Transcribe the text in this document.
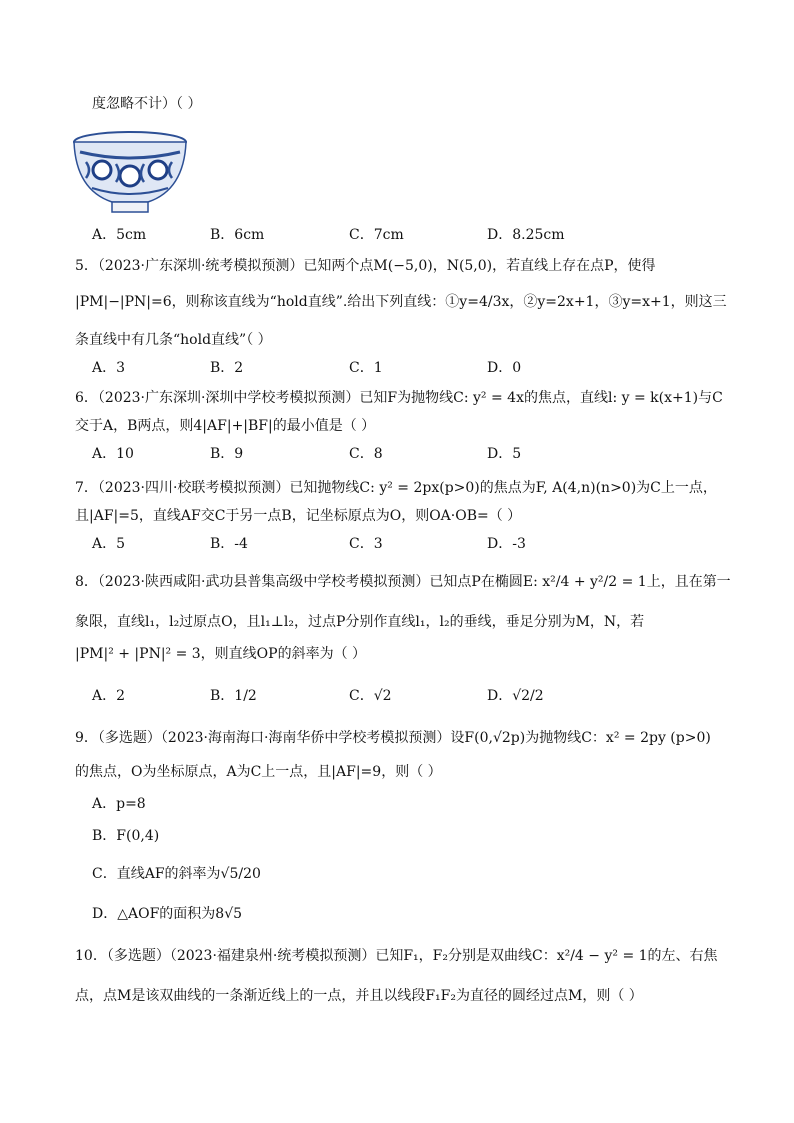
度忽略不计）（ ）
A．5cm	B．6cm	C．7cm	D．8.25cm
5．（2023·广东深圳·统考模拟预测）已知两个点M(−5,0)，N(5,0)，若直线上存在点P，使得
|PM|−|PN|=6，则称该直线为“hold直线”.给出下列直线：①y=4/3x，②y=2x+1，③y=x+1，则这三
条直线中有几条“hold直线”（ ）
A．3	B．2	C．1	D．0
6．（2023·广东深圳·深圳中学校考模拟预测）已知F为抛物线C: y² = 4x的焦点，直线l: y = k(x+1)与C
交于A，B两点，则4|AF|+|BF|的最小值是（ ）
A．10	B．9	C．8	D．5
7．（2023·四川·校联考模拟预测）已知抛物线C: y² = 2px(p>0)的焦点为F, A(4,n)(n>0)为C上一点，
且|AF|=5，直线AF交C于另一点B，记坐标原点为O，则OA·OB=（ ）
A．5	B．-4	C．3	D．-3
8．（2023·陕西咸阳·武功县普集高级中学校考模拟预测）已知点P在椭圆E: x²/4 + y²/2 = 1上，且在第一
象限，直线l₁，l₂过原点O，且l₁⊥l₂，过点P分别作直线l₁，l₂的垂线，垂足分别为M，N，若
|PM|² + |PN|² = 3，则直线OP的斜率为（ ）
A．2	B．1/2	C．√2	D．√2/2
9．（多选题）（2023·海南海口·海南华侨中学校考模拟预测）设F(0,√2p)为抛物线C：x² = 2py (p>0)
的焦点，O为坐标原点，A为C上一点，且|AF|=9，则（ ）
A．p=8
B．F(0,4)
C．直线AF的斜率为√5/20
D．△AOF的面积为8√5
10．（多选题）（2023·福建泉州·统考模拟预测）已知F₁，F₂分别是双曲线C：x²/4 − y² = 1的左、右焦
点，点M是该双曲线的一条渐近线上的一点，并且以线段F₁F₂为直径的圆经过点M，则（ ）
